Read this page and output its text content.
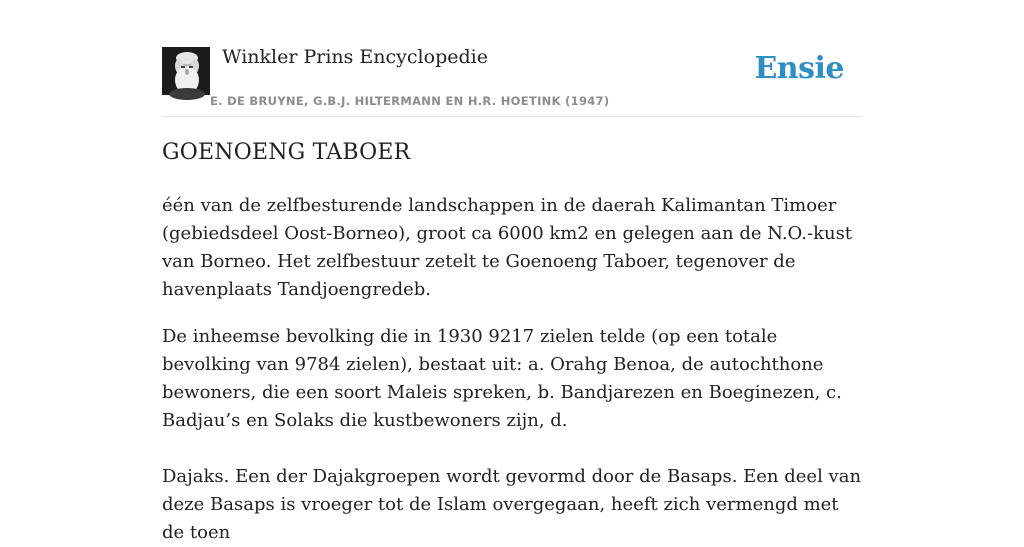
Winkler Prins Encyclopedie
E. DE BRUYNE, G.B.J. HILTERMANN EN H.R. HOETINK (1947)
Ensie
GOENOENG TABOER

één van de zelfbesturende landschappen in de daerah Kalimantan Timoer (gebiedsdeel Oost-Borneo), groot ca 6000 km2 en gelegen aan de N.O.-kust van Borneo. Het zelfbestuur zetelt te Goenoeng Taboer, tegenover de havenplaats Tandjoengredeb.

De inheemse bevolking die in 1930 9217 zielen telde (op een totale bevolking van 9784 zielen), bestaat uit: a. Orahg Benoa, de autochthone bewoners, die een soort Maleis spreken, b. Bandjarezen en Boeginezen, c. Badjau’s en Solaks die kustbewoners zijn, d.

Dajaks. Een der Dajakgroepen wordt gevormd door de Basaps. Een deel van deze Basaps is vroeger tot de Islam overgegaan, heeft zich vermengd met de toen
